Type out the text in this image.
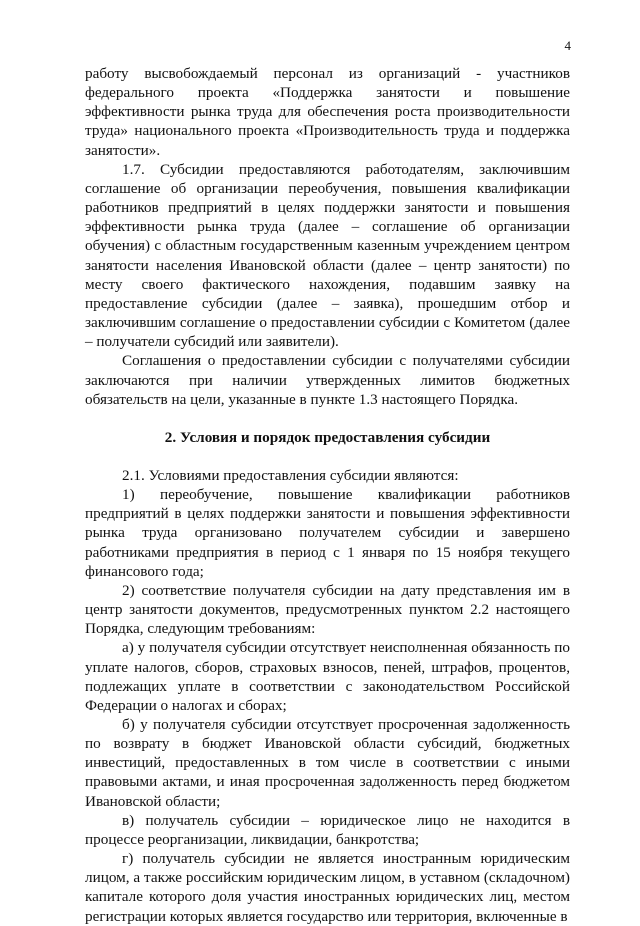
4

работу высвобождаемый персонал из организаций - участников федерального проекта «Поддержка занятости и повышение эффективности рынка труда для обеспечения роста производительности труда» национального проекта «Производительность труда и поддержка занятости».

1.7. Субсидии предоставляются работодателям, заключившим соглашение об организации переобучения, повышения квалификации работников предприятий в целях поддержки занятости и повышения эффективности рынка труда (далее – соглашение об организации обучения) с областным государственным казенным учреждением центром занятости населения Ивановской области (далее – центр занятости) по месту своего фактического нахождения, подавшим заявку на предоставление субсидии (далее – заявка), прошедшим отбор и заключившим соглашение о предоставлении субсидии с Комитетом (далее – получатели субсидий или заявители).

Соглашения о предоставлении субсидии с получателями субсидии заключаются при наличии утвержденных лимитов бюджетных обязательств на цели, указанные в пункте 1.3 настоящего Порядка.

2. Условия и порядок предоставления субсидии

2.1. Условиями предоставления субсидии являются:

1) переобучение, повышение квалификации работников предприятий в целях поддержки занятости и повышения эффективности рынка труда организовано получателем субсидии и завершено работниками предприятия в период с 1 января по 15 ноября текущего финансового года;

2) соответствие получателя субсидии на дату представления им в центр занятости документов, предусмотренных пунктом 2.2 настоящего Порядка, следующим требованиям:

а) у получателя субсидии отсутствует неисполненная обязанность по уплате налогов, сборов, страховых взносов, пеней, штрафов, процентов, подлежащих уплате в соответствии с законодательством Российской Федерации о налогах и сборах;

б) у получателя субсидии отсутствует просроченная задолженность по возврату в бюджет Ивановской области субсидий, бюджетных инвестиций, предоставленных в том числе в соответствии с иными правовыми актами, и иная просроченная задолженность перед бюджетом Ивановской области;

в) получатель субсидии – юридическое лицо не находится в процессе реорганизации, ликвидации, банкротства;

г) получатель субсидии не является иностранным юридическим лицом, а также российским юридическим лицом, в уставном (складочном) капитале которого доля участия иностранных юридических лиц, местом регистрации которых является государство или территория, включенные в
